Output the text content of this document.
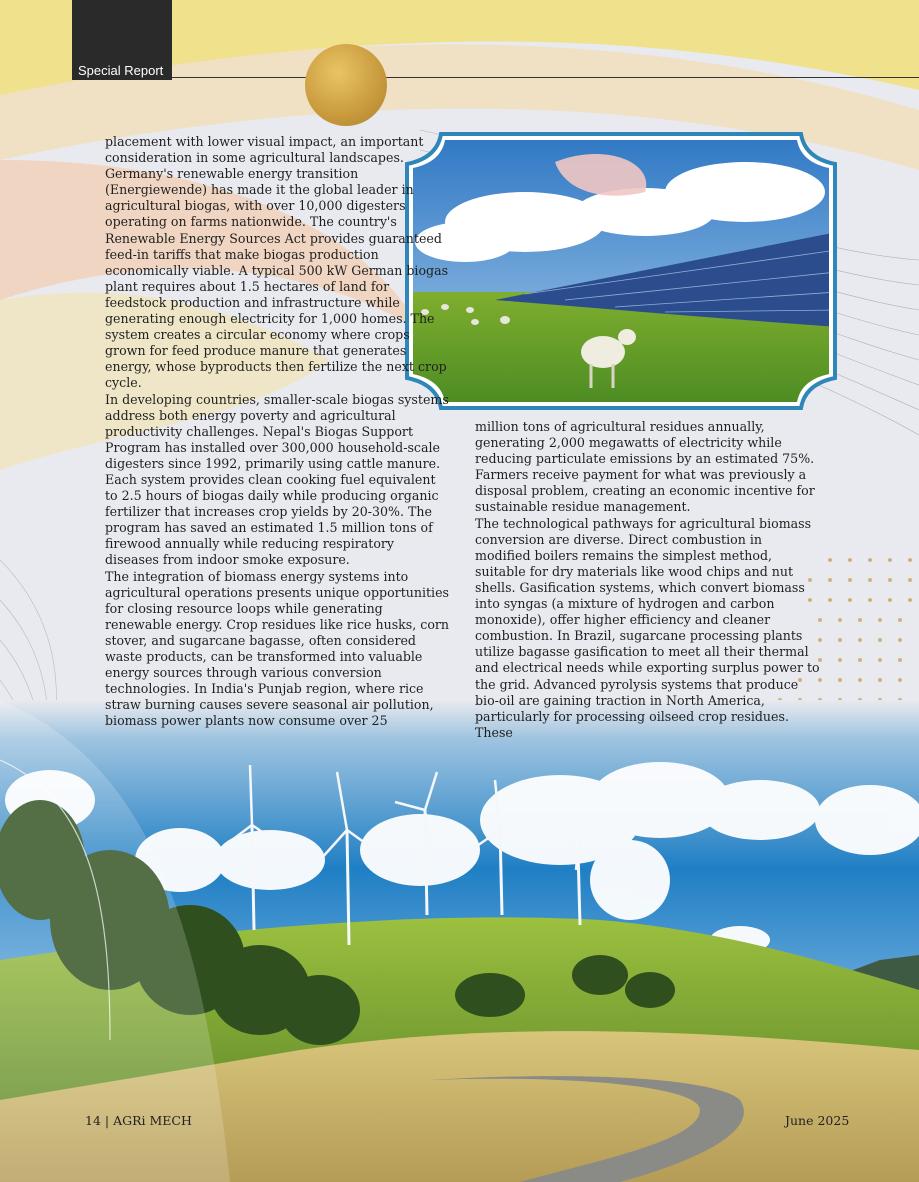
Special Report

placement with lower visual impact, an important consideration in some agricultural landscapes.

Germany's renewable energy transition (Energiewende) has made it the global leader in agricultural biogas, with over 10,000 digesters operating on farms nationwide. The country's Renewable Energy Sources Act provides guaranteed feed-in tariffs that make biogas production economically viable. A typical 500 kW German biogas plant requires about 1.5 hectares of land for feedstock production and infrastructure while generating enough electricity for 1,000 homes. The system creates a circular economy where crops grown for feed produce manure that generates energy, whose byproducts then fertilize the next crop cycle.

In developing countries, smaller-scale biogas systems address both energy poverty and agricultural productivity challenges. Nepal's Biogas Support Program has installed over 300,000 household-scale digesters since 1992, primarily using cattle manure. Each system provides clean cooking fuel equivalent to 2.5 hours of biogas daily while producing organic fertilizer that increases crop yields by 20-30%. The program has saved an estimated 1.5 million tons of firewood annually while reducing respiratory diseases from indoor smoke exposure.

The integration of biomass energy systems into agricultural operations presents unique opportunities for closing resource loops while generating renewable energy. Crop residues like rice husks, corn stover, and sugarcane bagasse, often considered waste products, can be transformed into valuable energy sources through various conversion technologies. In India's Punjab region, where rice straw burning causes severe seasonal air pollution, biomass power plants now consume over 25

million tons of agricultural residues annually, generating 2,000 megawatts of electricity while reducing particulate emissions by an estimated 75%. Farmers receive payment for what was previously a disposal problem, creating an economic incentive for sustainable residue management.

The technological pathways for agricultural biomass conversion are diverse. Direct combustion in modified boilers remains the simplest method, suitable for dry materials like wood chips and nut shells. Gasification systems, which convert biomass into syngas (a mixture of hydrogen and carbon monoxide), offer higher efficiency and cleaner combustion. In Brazil, sugarcane processing plants utilize bagasse gasification to meet all their thermal and electrical needs while exporting surplus power to the grid. Advanced pyrolysis systems that produce bio-oil are gaining traction in North America, particularly for processing oilseed crop residues. These

14 | AGRi MECH	June 2025
